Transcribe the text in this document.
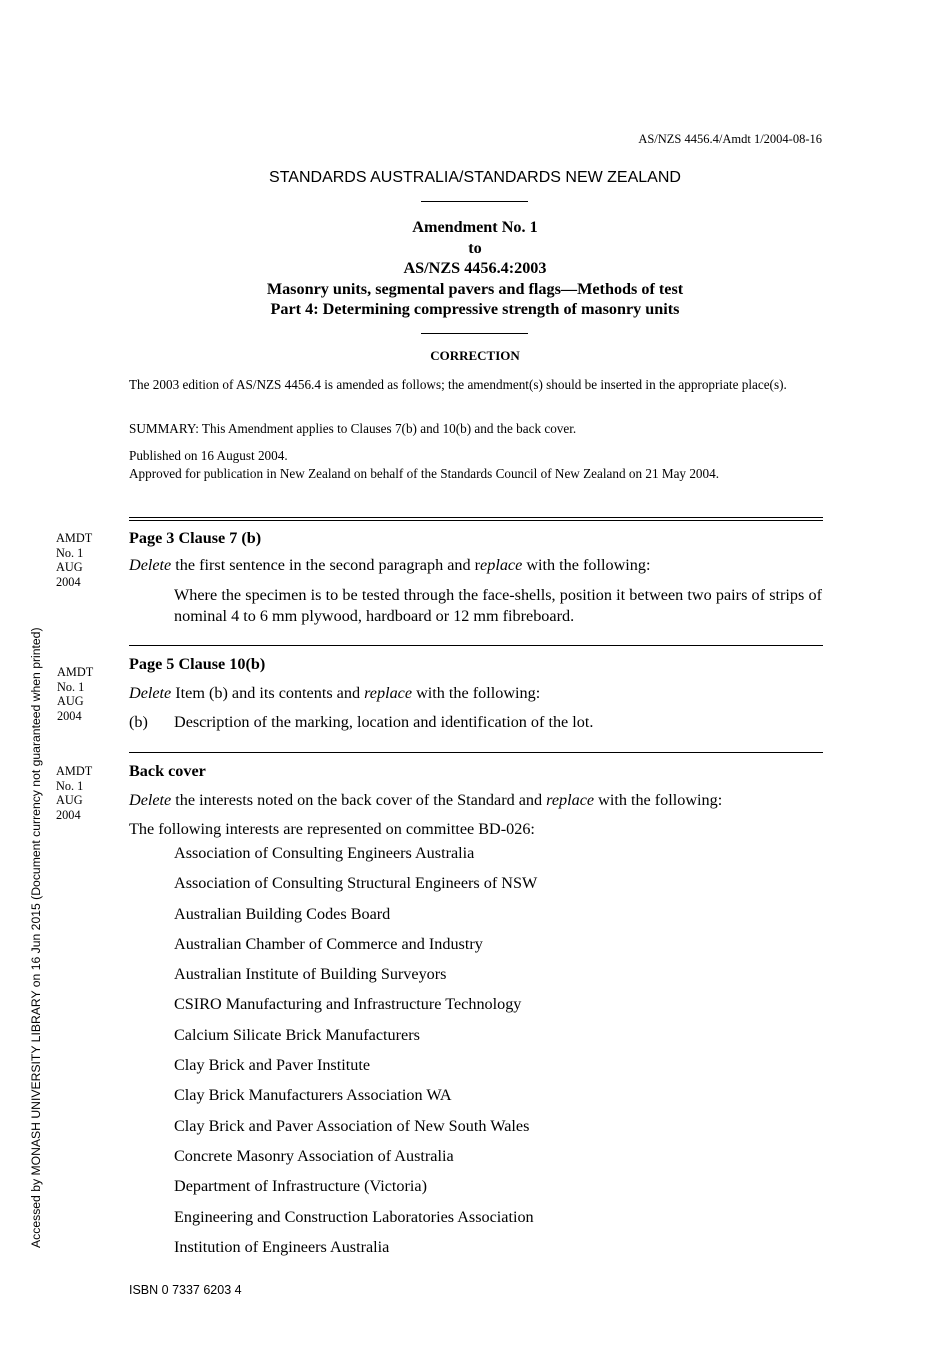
AS/NZS 4456.4/Amdt 1/2004-08-16
STANDARDS AUSTRALIA/STANDARDS NEW ZEALAND
Amendment No. 1
to
AS/NZS 4456.4:2003
Masonry units, segmental pavers and flags—Methods of test
Part 4: Determining compressive strength of masonry units
CORRECTION
The 2003 edition of AS/NZS 4456.4 is amended as follows; the amendment(s) should be inserted in the appropriate place(s).
SUMMARY: This Amendment applies to Clauses 7(b) and 10(b) and the back cover.
Published on 16 August 2004.
Approved for publication in New Zealand on behalf of the Standards Council of New Zealand on 21 May 2004.
AMDT
No. 1
AUG
2004
Page 3 Clause 7 (b)
Delete the first sentence in the second paragraph and replace with the following:
Where the specimen is to be tested through the face-shells, position it between two pairs of strips of nominal 4 to 6 mm plywood, hardboard or 12 mm fibreboard.
AMDT
No. 1
AUG
2004
Page 5 Clause 10(b)
Delete Item (b) and its contents and replace with the following:
(b) Description of the marking, location and identification of the lot.
AMDT
No. 1
AUG
2004
Back cover
Delete the interests noted on the back cover of the Standard and replace with the following:
The following interests are represented on committee BD-026:
Association of Consulting Engineers Australia
Association of Consulting Structural Engineers of NSW
Australian Building Codes Board
Australian Chamber of Commerce and Industry
Australian Institute of Building Surveyors
CSIRO Manufacturing and Infrastructure Technology
Calcium Silicate Brick Manufacturers
Clay Brick and Paver Institute
Clay Brick Manufacturers Association WA
Clay Brick and Paver Association of New South Wales
Concrete Masonry Association of Australia
Department of Infrastructure (Victoria)
Engineering and Construction Laboratories Association
Institution of Engineers Australia
ISBN 0 7337 6203 4
Accessed by MONASH UNIVERSITY LIBRARY on 16 Jun 2015 (Document currency not guaranteed when printed)
